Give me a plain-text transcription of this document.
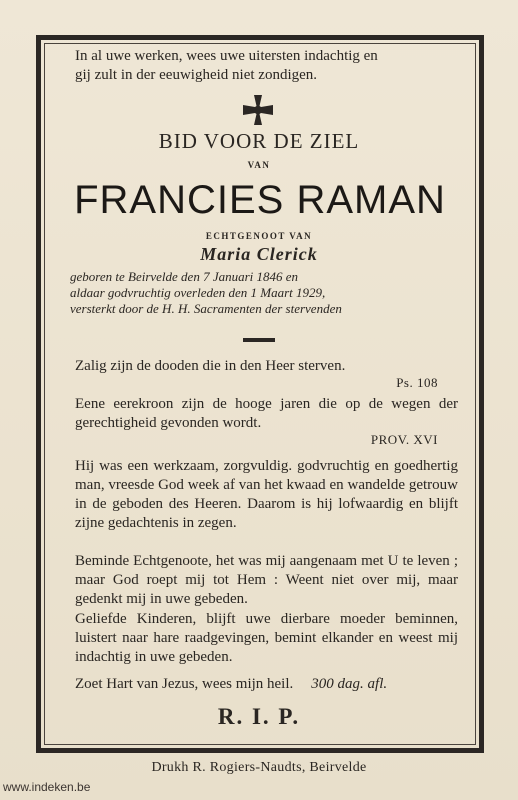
In al uwe werken, wees uwe uitersten indachtig en
gij zult in der eeuwigheid niet zondigen.
BID VOOR DE ZIEL
VAN
FRANCIES RAMAN
ECHTGENOOT VAN
Maria Clerick
geboren te Beirvelde den 7 Januari 1846 en
aldaar godvruchtig overleden den 1 Maart 1929,
versterkt door de H. H. Sacramenten der stervenden
Zalig zijn de dooden die in den Heer sterven.
Ps. 108
Eene eerekroon zijn de hooge jaren die op de wegen der gerechtigheid gevonden wordt.
PROV. XVI
Hij was een werkzaam, zorgvuldig. godvruchtig en goedhertig man, vreesde God week af van het kwaad en wandelde getrouw in de geboden des Heeren. Daarom is hij lofwaardig en blijft zijne gedachtenis in zegen.
Beminde Echtgenoote, het was mij aangenaam met U te leven ; maar God roept mij tot Hem : Weent niet over mij, maar gedenkt mij in uwe gebeden.
Geliefde Kinderen, blijft uwe dierbare moeder beminnen, luistert naar hare raadgevingen, bemint elkander en weest mij indachtig in uwe gebeden.
Zoet Hart van Jezus, wees mijn heil. 300 dag. afl.
R. I. P.
Drukh R. Rogiers-Naudts, Beirvelde
www.indeken.be
